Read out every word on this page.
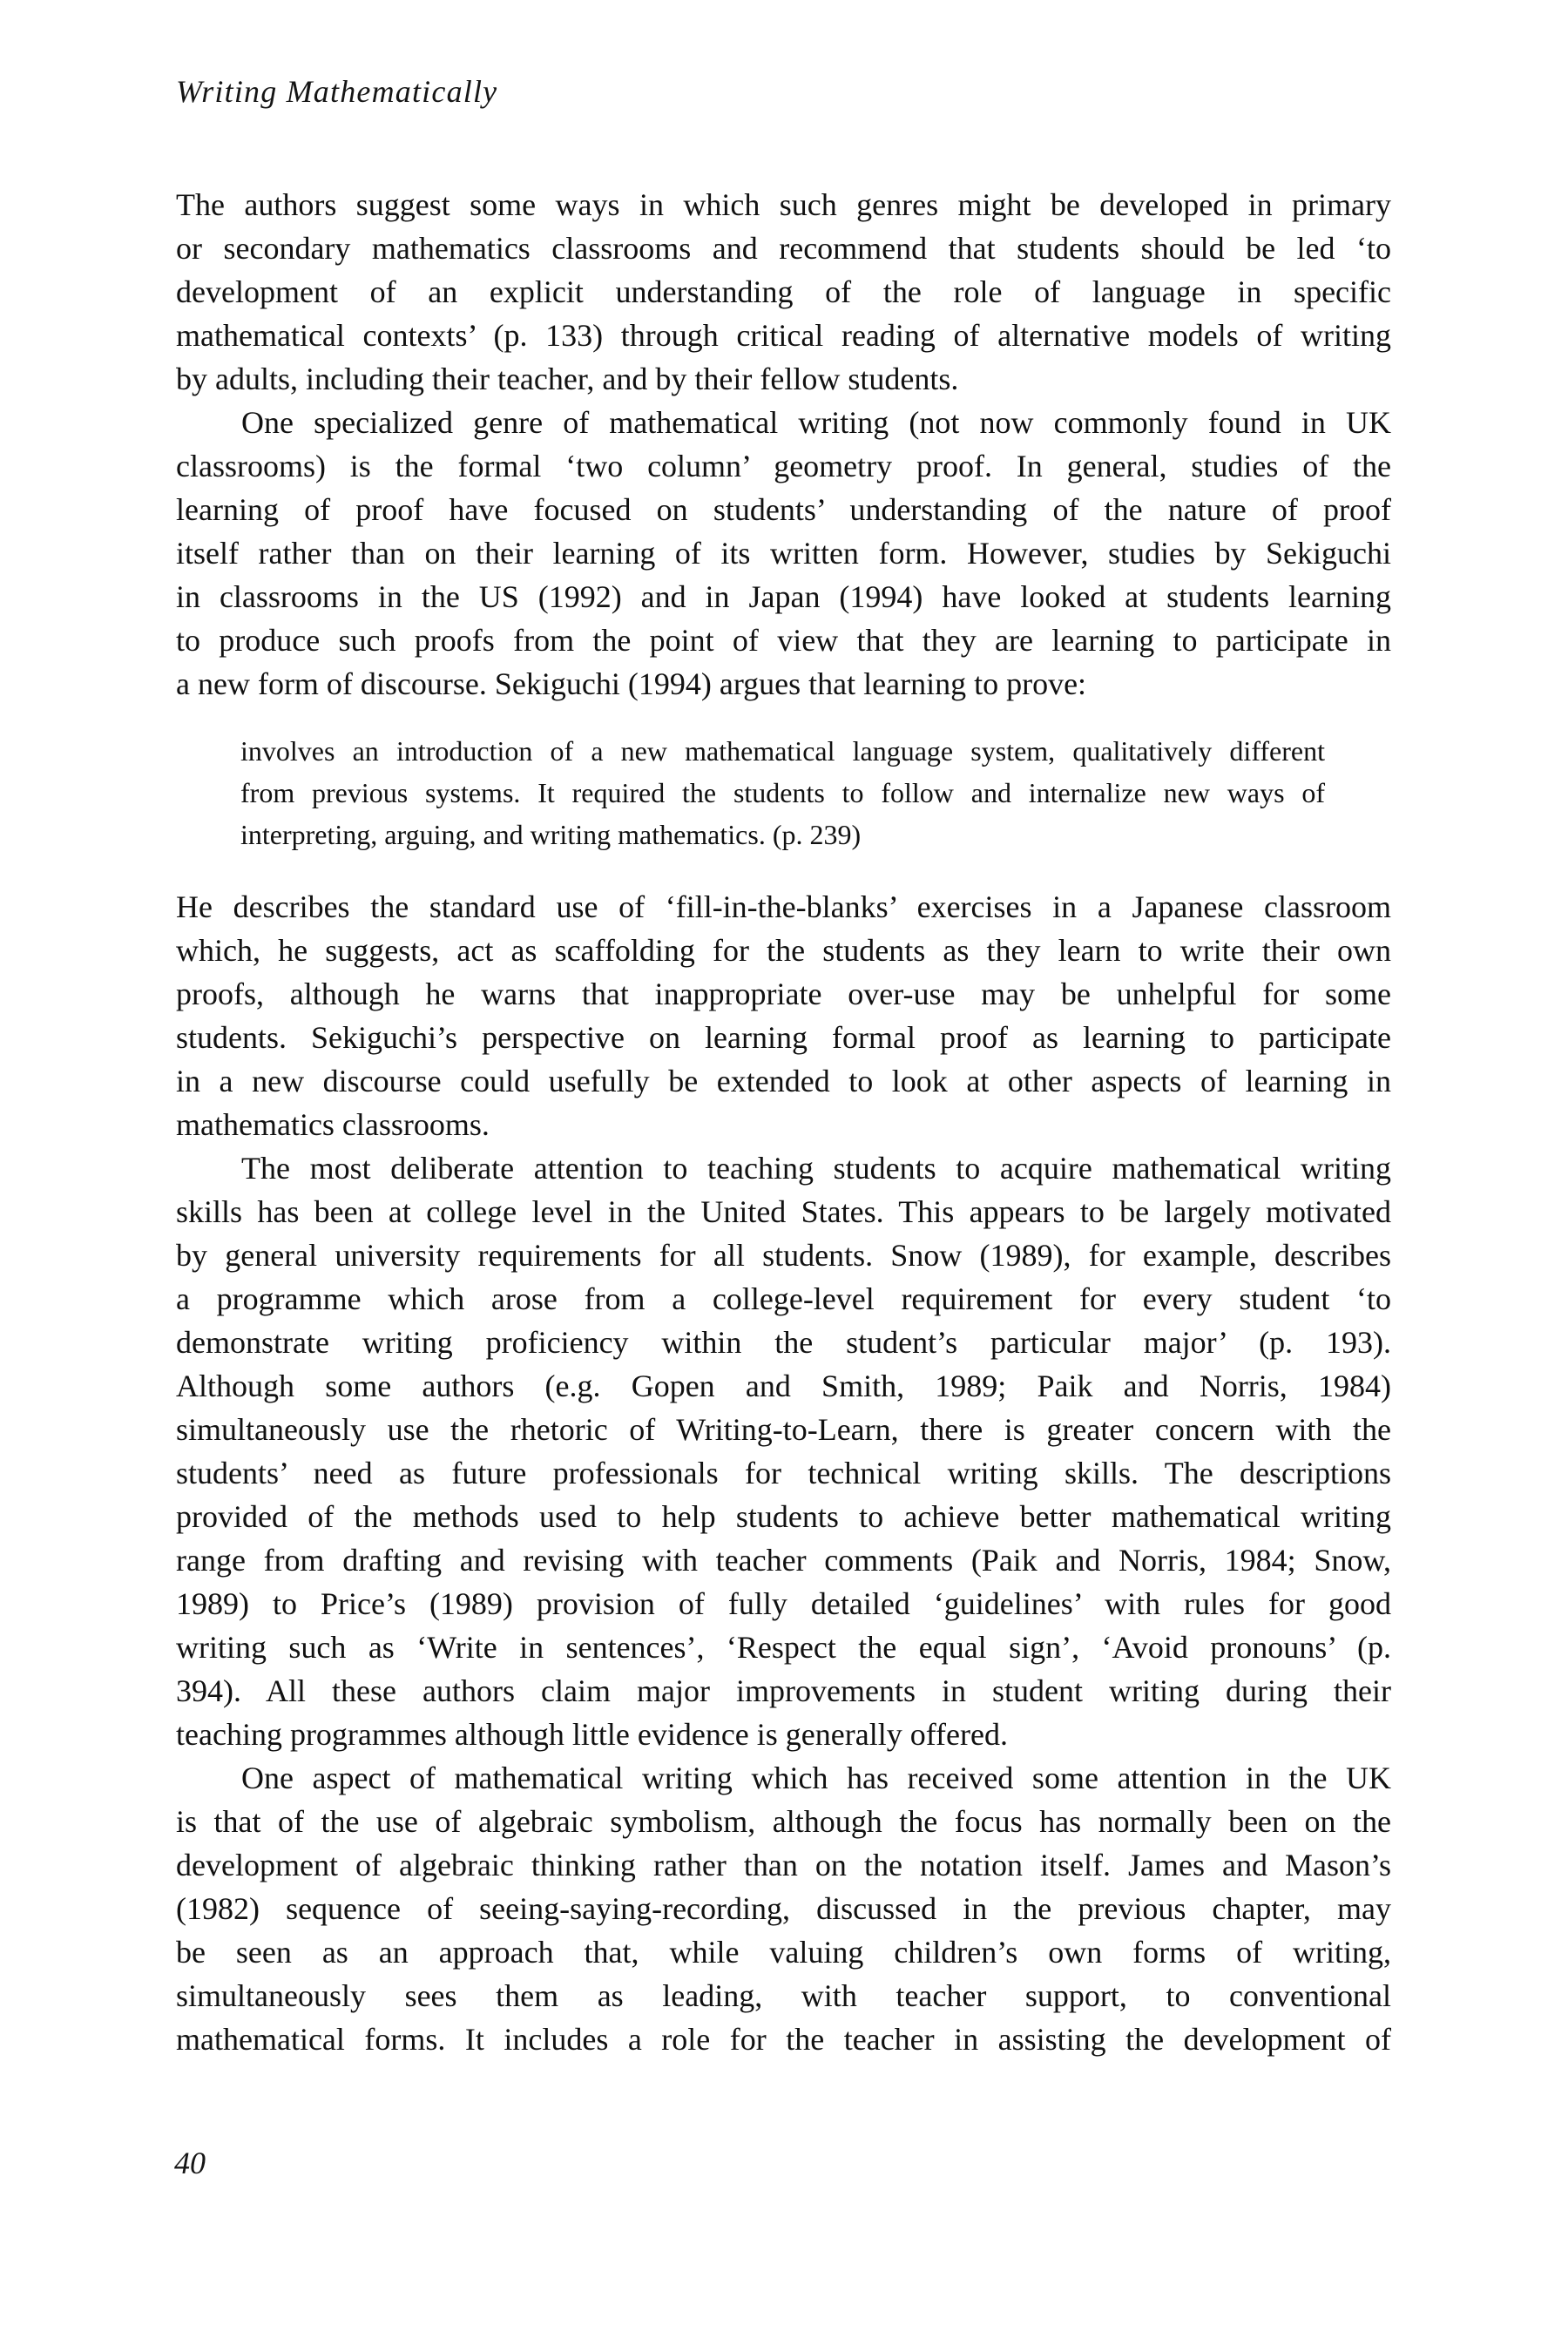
Writing Mathematically
The authors suggest some ways in which such genres might be developed in primary
or secondary mathematics classrooms and recommend that students should be led ‘to
development of an explicit understanding of the role of language in specific
mathematical contexts’ (p. 133) through critical reading of alternative models of writing
by adults, including their teacher, and by their fellow students.
One specialized genre of mathematical writing (not now commonly found in UK
classrooms) is the formal ‘two column’ geometry proof. In general, studies of the
learning of proof have focused on students’ understanding of the nature of proof
itself rather than on their learning of its written form. However, studies by Sekiguchi
in classrooms in the US (1992) and in Japan (1994) have looked at students learning
to produce such proofs from the point of view that they are learning to participate in
a new form of discourse. Sekiguchi (1994) argues that learning to prove:
involves an introduction of a new mathematical language system, qualitatively different
from previous systems. It required the students to follow and internalize new ways of
interpreting, arguing, and writing mathematics. (p. 239)
He describes the standard use of ‘fill-in-the-blanks’ exercises in a Japanese classroom
which, he suggests, act as scaffolding for the students as they learn to write their own
proofs, although he warns that inappropriate over-use may be unhelpful for some
students. Sekiguchi’s perspective on learning formal proof as learning to participate
in a new discourse could usefully be extended to look at other aspects of learning in
mathematics classrooms.
The most deliberate attention to teaching students to acquire mathematical writing
skills has been at college level in the United States. This appears to be largely motivated
by general university requirements for all students. Snow (1989), for example, describes
a programme which arose from a college-level requirement for every student ‘to
demonstrate writing proficiency within the student’s particular major’ (p. 193).
Although some authors (e.g. Gopen and Smith, 1989; Paik and Norris, 1984)
simultaneously use the rhetoric of Writing-to-Learn, there is greater concern with the
students’ need as future professionals for technical writing skills. The descriptions
provided of the methods used to help students to achieve better mathematical writing
range from drafting and revising with teacher comments (Paik and Norris, 1984; Snow,
1989) to Price’s (1989) provision of fully detailed ‘guidelines’ with rules for good
writing such as ‘Write in sentences’, ‘Respect the equal sign’, ‘Avoid pronouns’ (p.
394). All these authors claim major improvements in student writing during their
teaching programmes although little evidence is generally offered.
One aspect of mathematical writing which has received some attention in the UK
is that of the use of algebraic symbolism, although the focus has normally been on the
development of algebraic thinking rather than on the notation itself. James and Mason’s
(1982) sequence of seeing-saying-recording, discussed in the previous chapter, may
be seen as an approach that, while valuing children’s own forms of writing,
simultaneously sees them as leading, with teacher support, to conventional
mathematical forms. It includes a role for the teacher in assisting the development of
40
